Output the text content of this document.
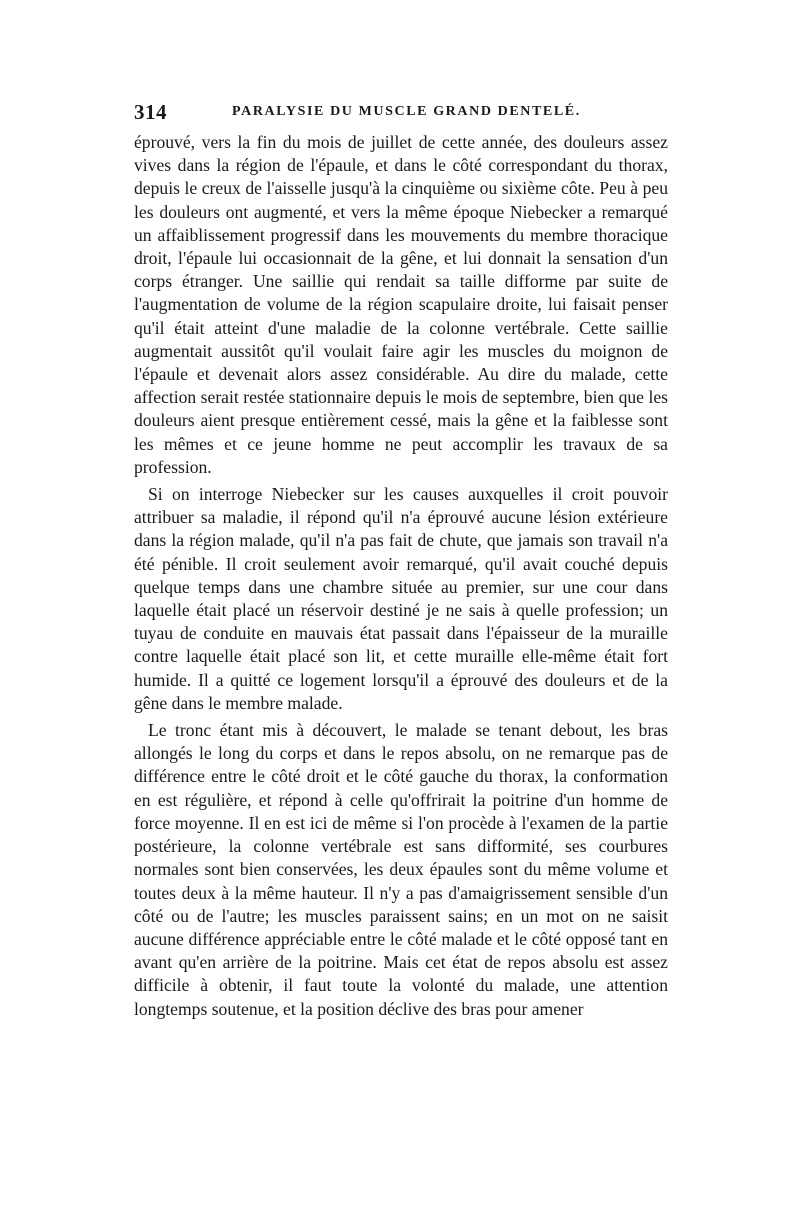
314	PARALYSIE DU MUSCLE GRAND DENTELÉ.

éprouvé, vers la fin du mois de juillet de cette année, des douleurs assez vives dans la région de l'épaule, et dans le côté correspondant du thorax, depuis le creux de l'aisselle jusqu'à la cinquième ou sixième côte. Peu à peu les douleurs ont augmenté, et vers la même époque Niebecker a remarqué un affaiblissement progressif dans les mouvements du membre thoracique droit, l'épaule lui occasionnait de la gêne, et lui donnait la sensation d'un corps étranger. Une saillie qui rendait sa taille difforme par suite de l'augmentation de volume de la région scapulaire droite, lui faisait penser qu'il était atteint d'une maladie de la colonne vertébrale. Cette saillie augmentait aussitôt qu'il voulait faire agir les muscles du moignon de l'épaule et devenait alors assez considérable. Au dire du malade, cette affection serait restée stationnaire depuis le mois de septembre, bien que les douleurs aient presque entièrement cessé, mais la gêne et la faiblesse sont les mêmes et ce jeune homme ne peut accomplir les travaux de sa profession.

Si on interroge Niebecker sur les causes auxquelles il croit pouvoir attribuer sa maladie, il répond qu'il n'a éprouvé aucune lésion extérieure dans la région malade, qu'il n'a pas fait de chute, que jamais son travail n'a été pénible. Il croit seulement avoir remarqué, qu'il avait couché depuis quelque temps dans une chambre située au premier, sur une cour dans laquelle était placé un réservoir destiné je ne sais à quelle profession; un tuyau de conduite en mauvais état passait dans l'épaisseur de la muraille contre laquelle était placé son lit, et cette muraille elle-même était fort humide. Il a quitté ce logement lorsqu'il a éprouvé des douleurs et de la gêne dans le membre malade.

Le tronc étant mis à découvert, le malade se tenant debout, les bras allongés le long du corps et dans le repos absolu, on ne remarque pas de différence entre le côté droit et le côté gauche du thorax, la conformation en est régulière, et répond à celle qu'offrirait la poitrine d'un homme de force moyenne. Il en est ici de même si l'on procède à l'examen de la partie postérieure, la colonne vertébrale est sans difformité, ses courbures normales sont bien conservées, les deux épaules sont du même volume et toutes deux à la même hauteur. Il n'y a pas d'amaigrissement sensible d'un côté ou de l'autre; les muscles paraissent sains; en un mot on ne saisit aucune différence appréciable entre le côté malade et le côté opposé tant en avant qu'en arrière de la poitrine. Mais cet état de repos absolu est assez difficile à obtenir, il faut toute la volonté du malade, une attention longtemps soutenue, et la position déclive des bras pour amener
